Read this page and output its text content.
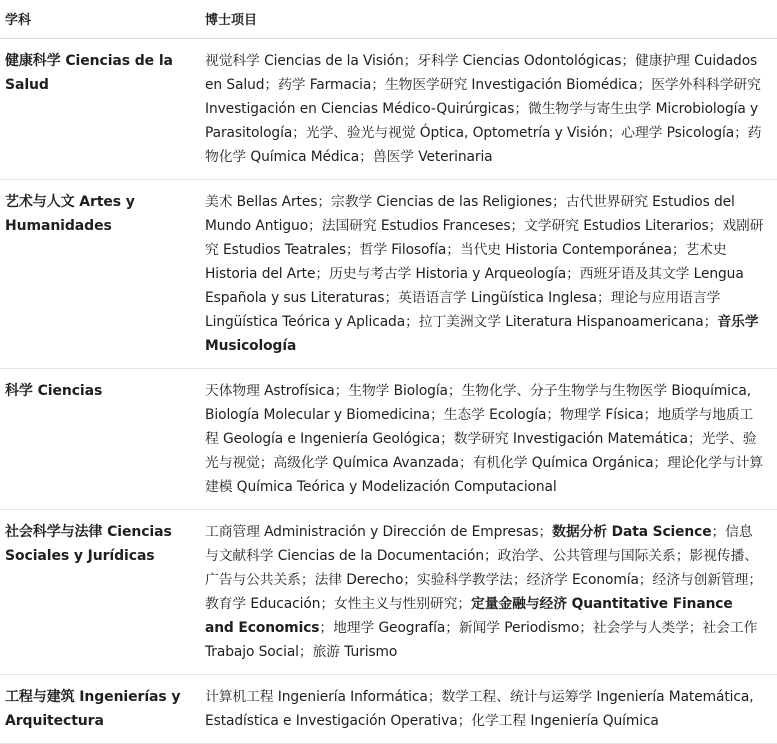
学科	博士项目
健康科学 Ciencias de la Salud	视觉科学 Ciencias de la Visión；牙科学 Ciencias Odontológicas；健康护理 Cuidados en Salud；药学 Farmacia；生物医学研究 Investigación Biomédica；医学外科科学研究 Investigación en Ciencias Médico-Quirúrgicas；微生物学与寄生虫学 Microbiología y Parasitología；光学、验光与视觉 Óptica, Optometría y Visión；心理学 Psicología；药物化学 Química Médica；兽医学 Veterinaria
艺术与人文 Artes y Humanidades	美术 Bellas Artes；宗教学 Ciencias de las Religiones；古代世界研究 Estudios del Mundo Antiguo；法国研究 Estudios Franceses；文学研究 Estudios Literarios；戏剧研究 Estudios Teatrales；哲学 Filosofía；当代史 Historia Contemporánea；艺术史 Historia del Arte；历史与考古学 Historia y Arqueología；西班牙语及其文学 Lengua Española y sus Literaturas；英语语言学 Lingüística Inglesa；理论与应用语言学 Lingüística Teórica y Aplicada；拉丁美洲文学 Literatura Hispanoamericana；音乐学 Musicología
科学 Ciencias	天体物理 Astrofísica；生物学 Biología；生物化学、分子生物学与生物医学 Bioquímica, Biología Molecular y Biomedicina；生态学 Ecología；物理学 Física；地质学与地质工程 Geología e Ingeniería Geológica；数学研究 Investigación Matemática；光学、验光与视觉；高级化学 Química Avanzada；有机化学 Química Orgánica；理论化学与计算建模 Química Teórica y Modelización Computacional
社会科学与法律 Ciencias Sociales y Jurídicas	工商管理 Administración y Dirección de Empresas；数据分析 Data Science；信息与文献科学 Ciencias de la Documentación；政治学、公共管理与国际关系；影视传播、广告与公共关系；法律 Derecho；实验科学教学法；经济学 Economía；经济与创新管理；教育学 Educación；女性主义与性别研究；定量金融与经济 Quantitative Finance and Economics；地理学 Geografía；新闻学 Periodismo；社会学与人类学；社会工作 Trabajo Social；旅游 Turismo
工程与建筑 Ingenierías y Arquitectura	计算机工程 Ingeniería Informática；数学工程、统计与运筹学 Ingeniería Matemática, Estadística e Investigación Operativa；化学工程 Ingeniería Química
